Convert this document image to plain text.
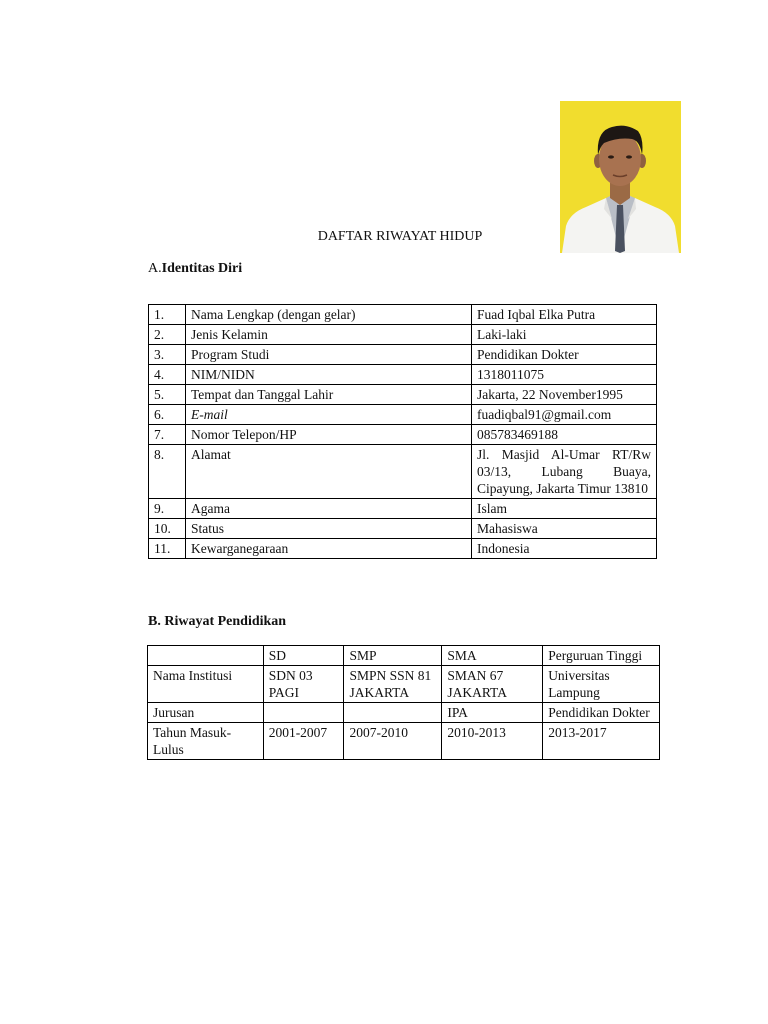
DAFTAR RIWAYAT HIDUP
A.Identitas Diri
1.	Nama Lengkap (dengan gelar)	Fuad Iqbal Elka Putra
2.	Jenis Kelamin	Laki-laki
3.	Program Studi	Pendidikan Dokter
4.	NIM/NIDN	1318011075
5.	Tempat dan Tanggal Lahir	Jakarta, 22 November1995
6.	E-mail	fuadiqbal91@gmail.com
7.	Nomor Telepon/HP	085783469188
8.	Alamat	Jl. Masjid Al-Umar RT/Rw 03/13, Lubang Buaya, Cipayung, Jakarta Timur 13810
9.	Agama	Islam
10.	Status	Mahasiswa
11.	Kewarganegaraan	Indonesia
B. Riwayat Pendidikan
	SD	SMP	SMA	Perguruan Tinggi
Nama Institusi	SDN 03 PAGI	SMPN SSN 81 JAKARTA	SMAN 67 JAKARTA	Universitas Lampung
Jurusan			IPA	Pendidikan Dokter
Tahun Masuk-Lulus	2001-2007	2007-2010	2010-2013	2013-2017
